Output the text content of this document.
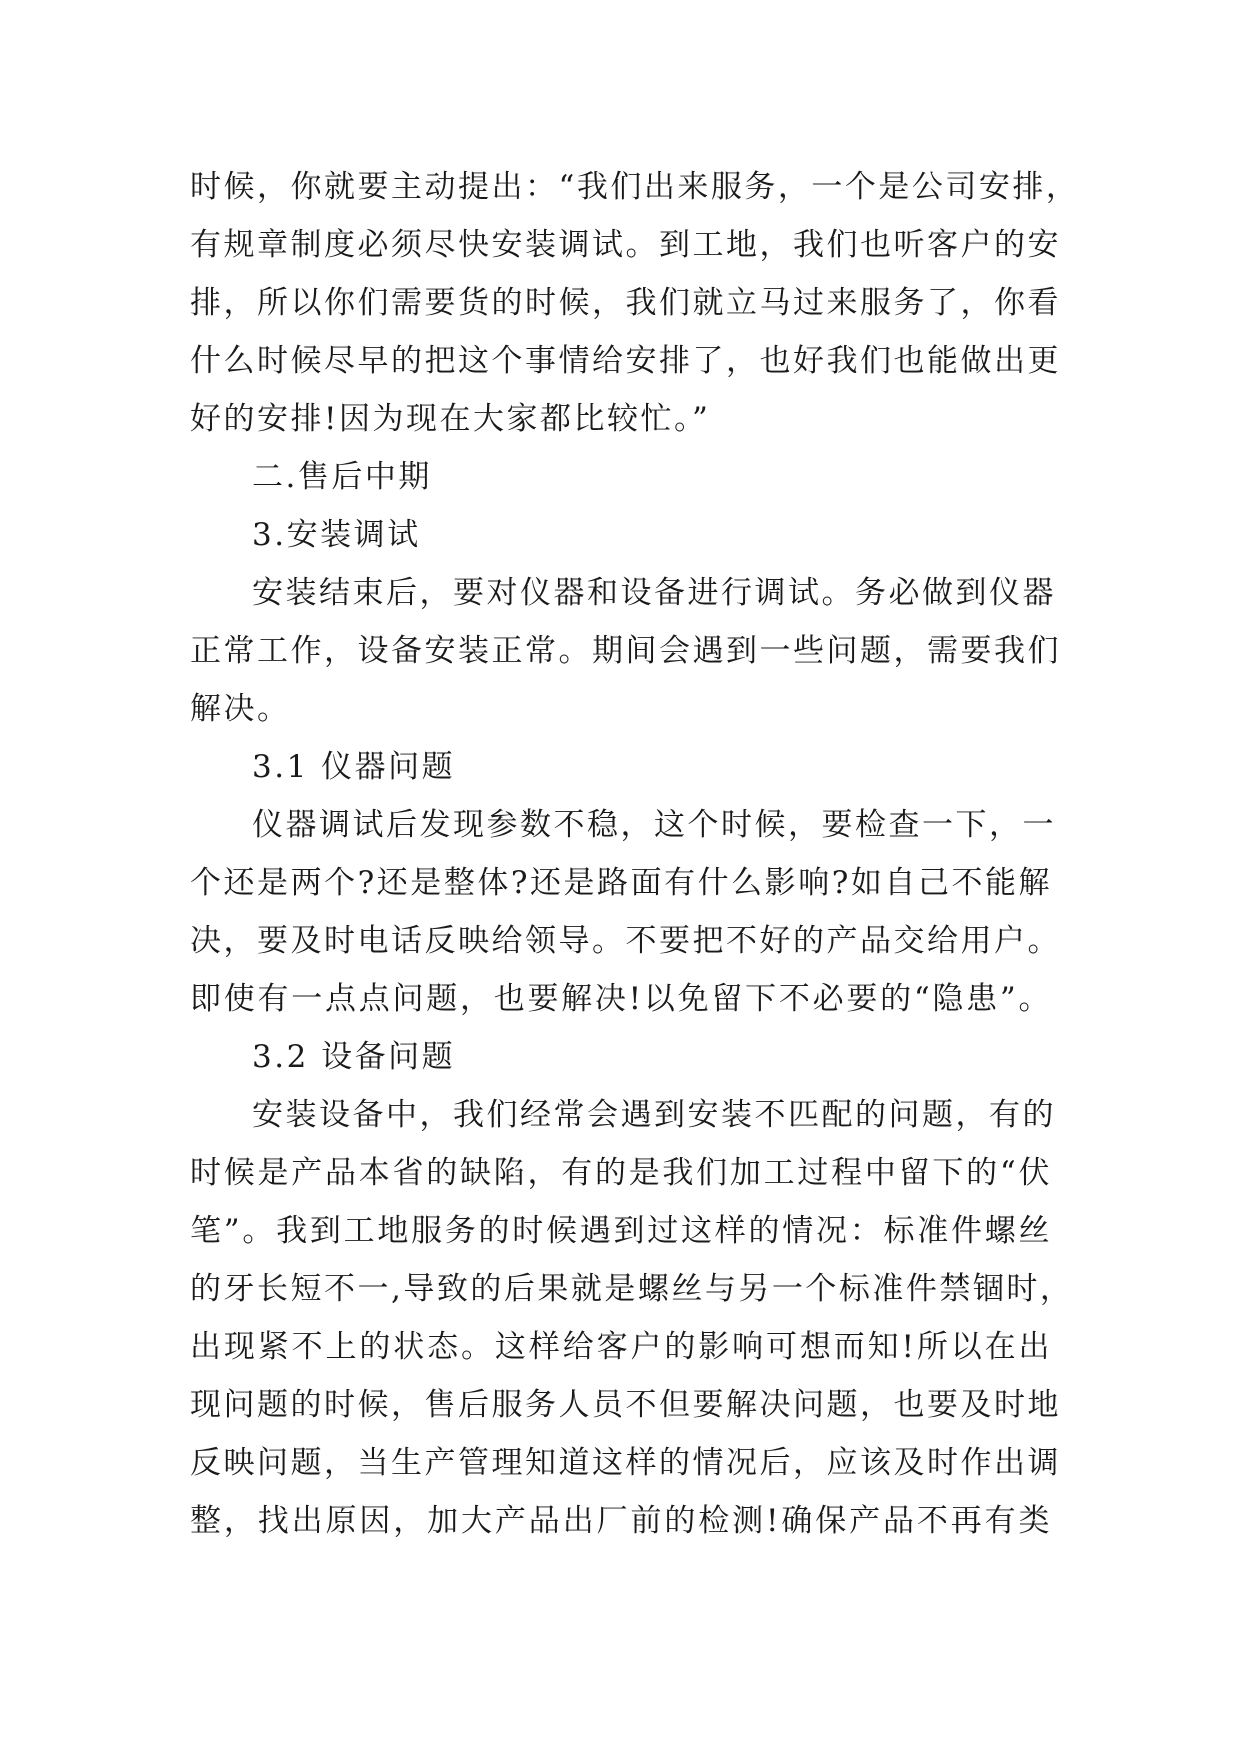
时候，你就要主动提出：“我们出来服务，一个是公司安排，
有规章制度必须尽快安装调试。到工地，我们也听客户的安
排，所以你们需要货的时候，我们就立马过来服务了，你看
什么时候尽早的把这个事情给安排了，也好我们也能做出更
好的安排!因为现在大家都比较忙。”

二.售后中期

3.安装调试

安装结束后，要对仪器和设备进行调试。务必做到仪器
正常工作，设备安装正常。期间会遇到一些问题，需要我们
解决。

3.1 仪器问题

仪器调试后发现参数不稳，这个时候，要检查一下，一
个还是两个?还是整体?还是路面有什么影响?如自己不能解
决，要及时电话反映给领导。不要把不好的产品交给用户。
即使有一点点问题，也要解决!以免留下不必要的“隐患”。

3.2 设备问题

安装设备中，我们经常会遇到安装不匹配的问题，有的
时候是产品本省的缺陷，有的是我们加工过程中留下的“伏
笔”。我到工地服务的时候遇到过这样的情况：标准件螺丝
的牙长短不一,导致的后果就是螺丝与另一个标准件禁锢时，
出现紧不上的状态。这样给客户的影响可想而知!所以在出
现问题的时候，售后服务人员不但要解决问题，也要及时地
反映问题，当生产管理知道这样的情况后，应该及时作出调
整，找出原因，加大产品出厂前的检测!确保产品不再有类
